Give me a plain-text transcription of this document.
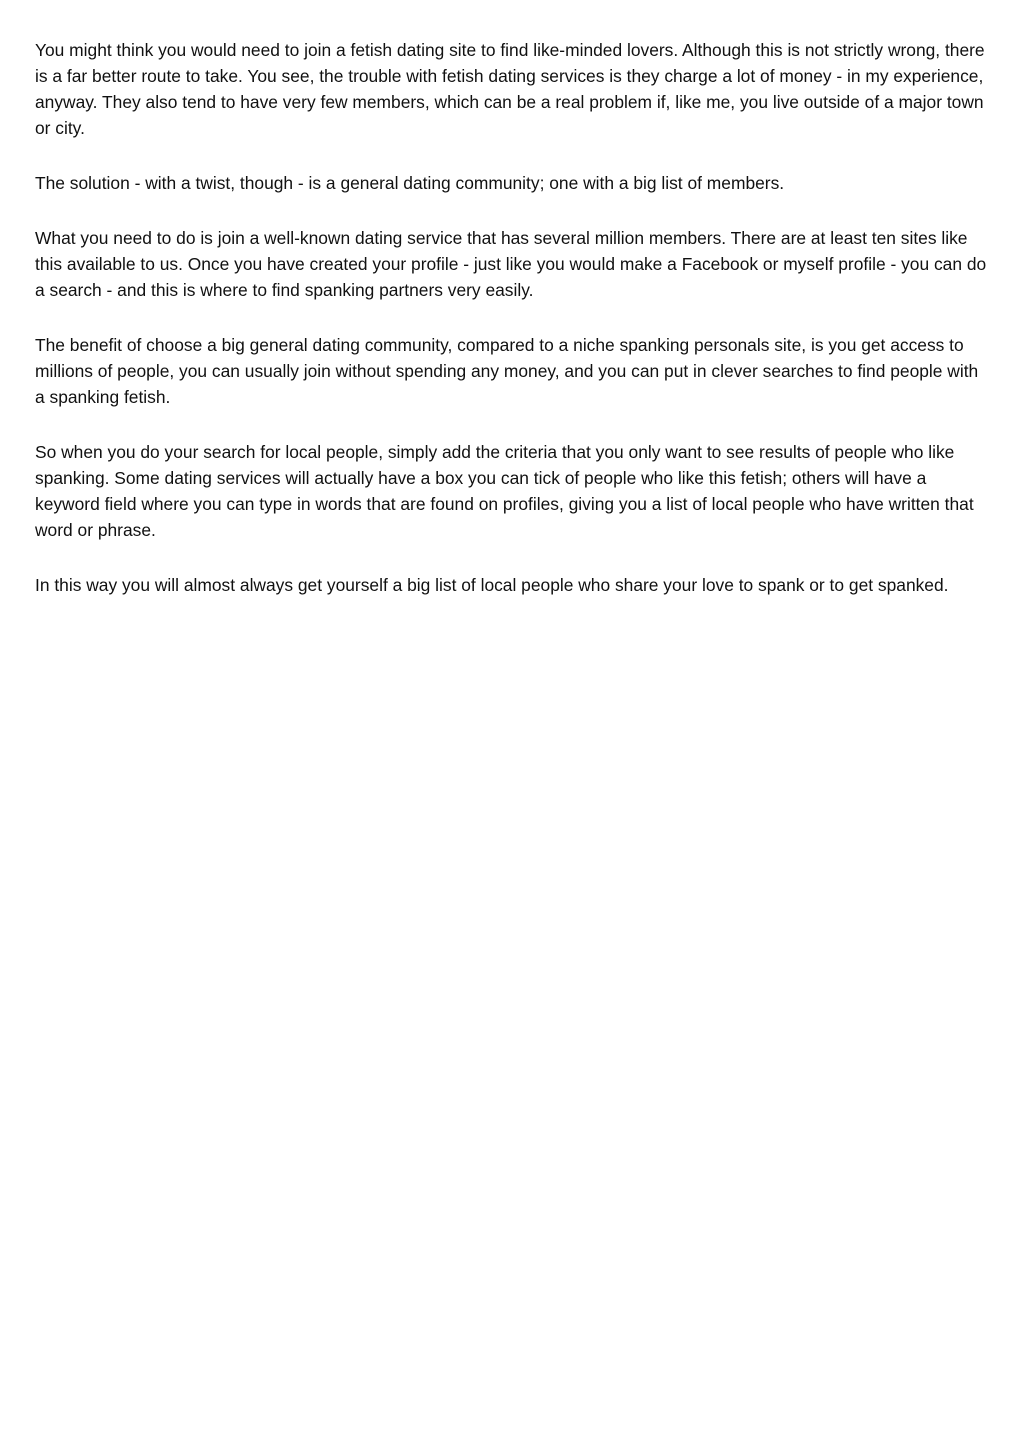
You might think you would need to join a fetish dating site to find like-minded lovers. Although this is not strictly wrong, there is a far better route to take. You see, the trouble with fetish dating services is they charge a lot of money - in my experience, anyway. They also tend to have very few members, which can be a real problem if, like me, you live outside of a major town or city.

The solution - with a twist, though - is a general dating community; one with a big list of members.

What you need to do is join a well-known dating service that has several million members. There are at least ten sites like this available to us. Once you have created your profile - just like you would make a Facebook or myself profile - you can do a search - and this is where to find spanking partners very easily.

The benefit of choose a big general dating community, compared to a niche spanking personals site, is you get access to millions of people, you can usually join without spending any money, and you can put in clever searches to find people with a spanking fetish.

So when you do your search for local people, simply add the criteria that you only want to see results of people who like spanking. Some dating services will actually have a box you can tick of people who like this fetish; others will have a keyword field where you can type in words that are found on profiles, giving you a list of local people who have written that word or phrase.

In this way you will almost always get yourself a big list of local people who share your love to spank or to get spanked.
